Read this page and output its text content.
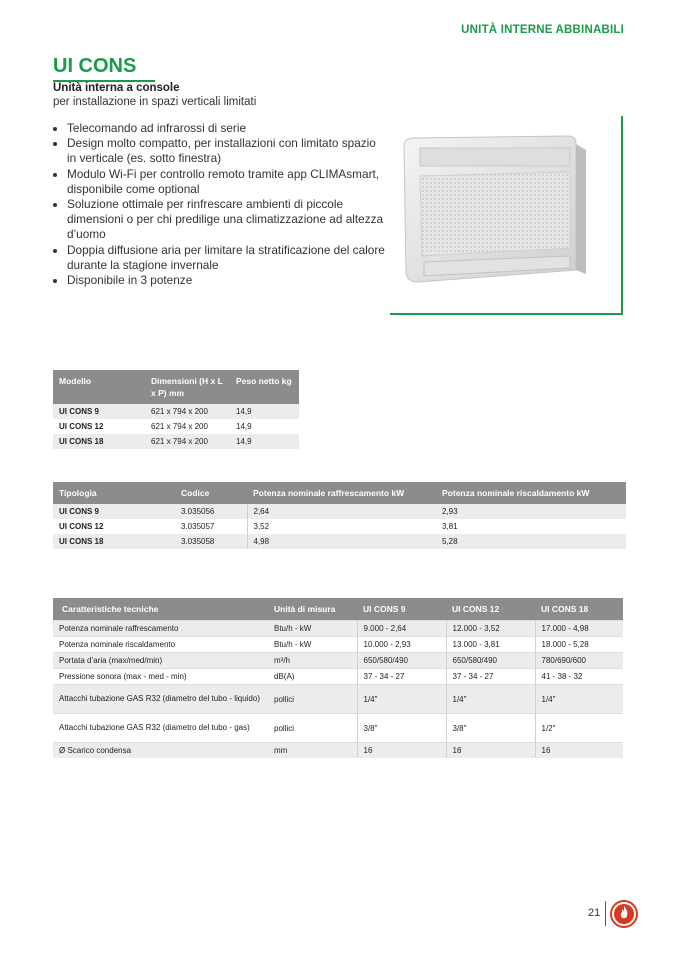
UNITÀ INTERNE ABBINABILI
UI CONS
Unità interna a console
per installazione in spazi verticali limitati
• Telecomando ad infrarossi di serie
• Design molto compatto, per installazioni con limitato spazio in verticale (es. sotto finestra)
• Modulo Wi-Fi per controllo remoto tramite app CLIMAsmart, disponibile come optional
• Soluzione ottimale per rinfrescare ambienti di piccole dimensioni o per chi predilige una climatizzazione ad altezza d’uomo
• Doppia diffusione aria per limitare la stratificazione del calore durante la stagione invernale
• Disponibile in 3 potenze
Modello	Dimensioni (H x L x P) mm	Peso netto kg
UI CONS 9	621 x 794 x 200	14,9
UI CONS 12	621 x 794 x 200	14,9
UI CONS 18	621 x 794 x 200	14,9
Tipologia	Codice	Potenza nominale raffrescamento kW	Potenza nominale riscaldamento kW
UI CONS 9	3.035056	2,64	2,93
UI CONS 12	3.035057	3,52	3,81
UI CONS 18	3.035058	4,98	5,28
Caratteristiche tecniche	Unità di misura	UI CONS 9	UI CONS 12	UI CONS 18
Potenza nominale raffrescamento	Btu/h - kW	9.000 - 2,64	12.000 - 3,52	17.000 - 4,98
Potenza nominale riscaldamento	Btu/h - kW	10.000 - 2,93	13.000 - 3,81	18.000 - 5,28
Portata d’aria (max/med/min)	m³/h	650/580/490	650/580/490	780/690/600
Pressione sonora (max - med - min)	dB(A)	37 - 34 - 27	37 - 34 - 27	41 - 38 - 32
Attacchi tubazione GAS R32 (diametro del tubo - liquido)	pollici	1/4"	1/4"	1/4"
Attacchi tubazione GAS R32 (diametro del tubo - gas)	pollici	3/8"	3/8"	1/2"
Ø Scarico condensa	mm	16	16	16
21
